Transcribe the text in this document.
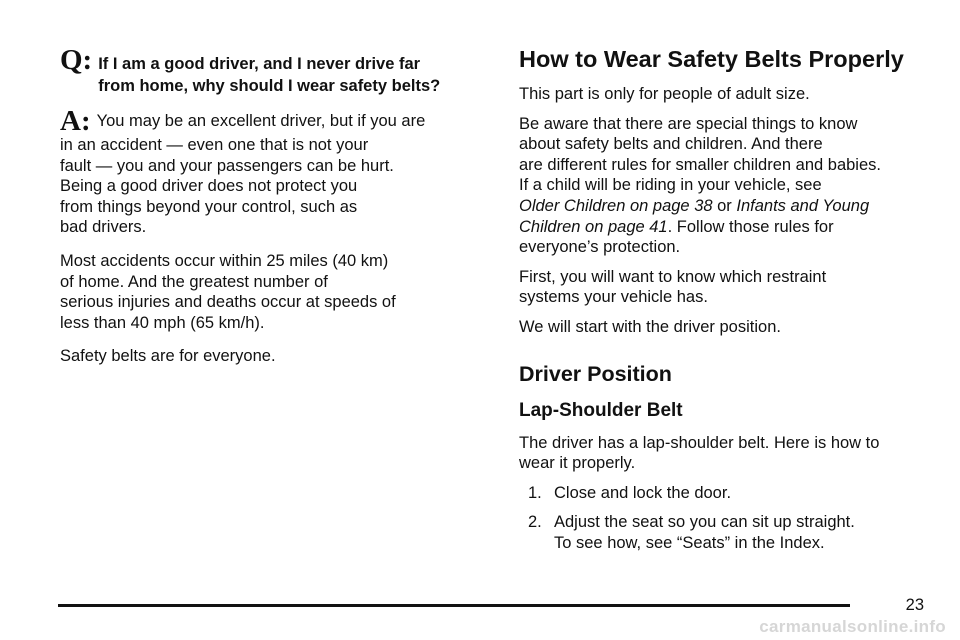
Q: If I am a good driver, and I never drive far
from home, why should I wear safety belts?
A: You may be an excellent driver, but if you are

in an accident — even one that is not your

fault — you and your passengers can be hurt.

Being a good driver does not protect you

from things beyond your control, such as

bad drivers.

Most accidents occur within 25 miles (40 km)

of home. And the greatest number of

serious injuries and deaths occur at speeds of

less than 40 mph (65 km/h).

Safety belts are for everyone.

How to Wear Safety Belts Properly

This part is only for people of adult size.

Be aware that there are special things to know
about safety belts and children. And there
are different rules for smaller children and babies.
If a child will be riding in your vehicle, see
Older Children on page 38 or Infants and Young
Children on page 41. Follow those rules for
everyone’s protection.
First, you will want to know which restraint
systems your vehicle has.

We will start with the driver position.

Driver Position
Lap-Shoulder Belt
The driver has a lap-shoulder belt. Here is how to
wear it properly.
1. Close and lock the door.
2. Adjust the seat so you can sit up straight.
To see how, see “Seats” in the Index.
23
carmanualsonline.info
